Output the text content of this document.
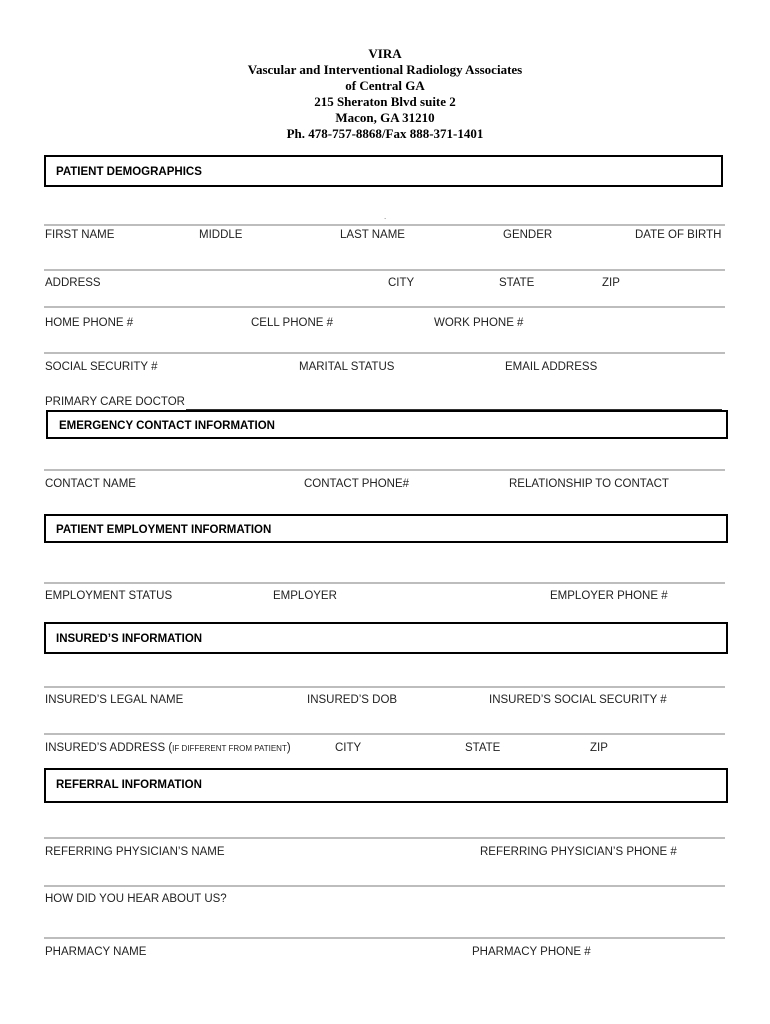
VIRA
Vascular and Interventional Radiology Associates
of Central GA
215 Sheraton Blvd suite 2
Macon, GA 31210
Ph. 478-757-8868/Fax 888-371-1401
PATIENT DEMOGRAPHICS
.
FIRST NAME	MIDDLE	LAST NAME	GENDER	DATE OF BIRTH
ADDRESS	CITY	STATE	ZIP
HOME PHONE #	CELL PHONE #	WORK PHONE #
SOCIAL SECURITY #	MARITAL STATUS	EMAIL ADDRESS
PRIMARY CARE DOCTOR
EMERGENCY CONTACT INFORMATION
CONTACT NAME	CONTACT PHONE#	RELATIONSHIP TO CONTACT
PATIENT EMPLOYMENT INFORMATION
EMPLOYMENT STATUS	EMPLOYER	EMPLOYER PHONE #
INSURED’S INFORMATION
INSURED’S LEGAL NAME	INSURED’S DOB	INSURED’S SOCIAL SECURITY #
INSURED’S ADDRESS (IF DIFFERENT FROM PATIENT)	CITY	STATE	ZIP
REFERRAL INFORMATION
REFERRING PHYSICIAN’S NAME	REFERRING PHYSICIAN’S PHONE #
HOW DID YOU HEAR ABOUT US?
PHARMACY NAME	PHARMACY PHONE #
